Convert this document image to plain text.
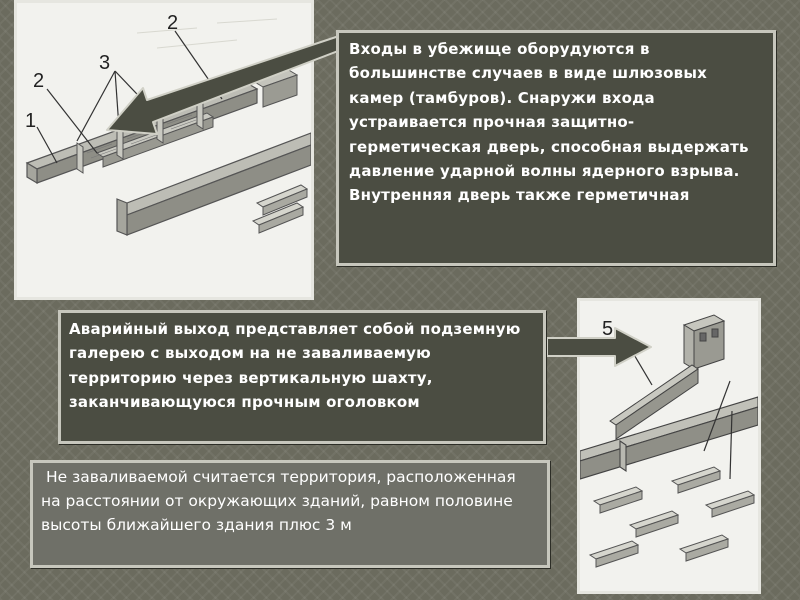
2
3
2
1
5
Входы в убежище оборудуются в большинстве случаев в виде шлюзовых камер (тамбуров). Снаружи входа устраивается прочная защитно-герметическая дверь, способная выдержать давление ударной волны ядерного взрыва. Внутренняя дверь также герметичная
Аварийный выход представляет собой подземную галерею с выходом на не заваливаемую территорию через вертикальную шахту, заканчивающуюся прочным оголовком
Не заваливаемой считается территория, расположенная на расстоянии от окружающих зданий, равном половине высоты ближайшего здания плюс 3 м
